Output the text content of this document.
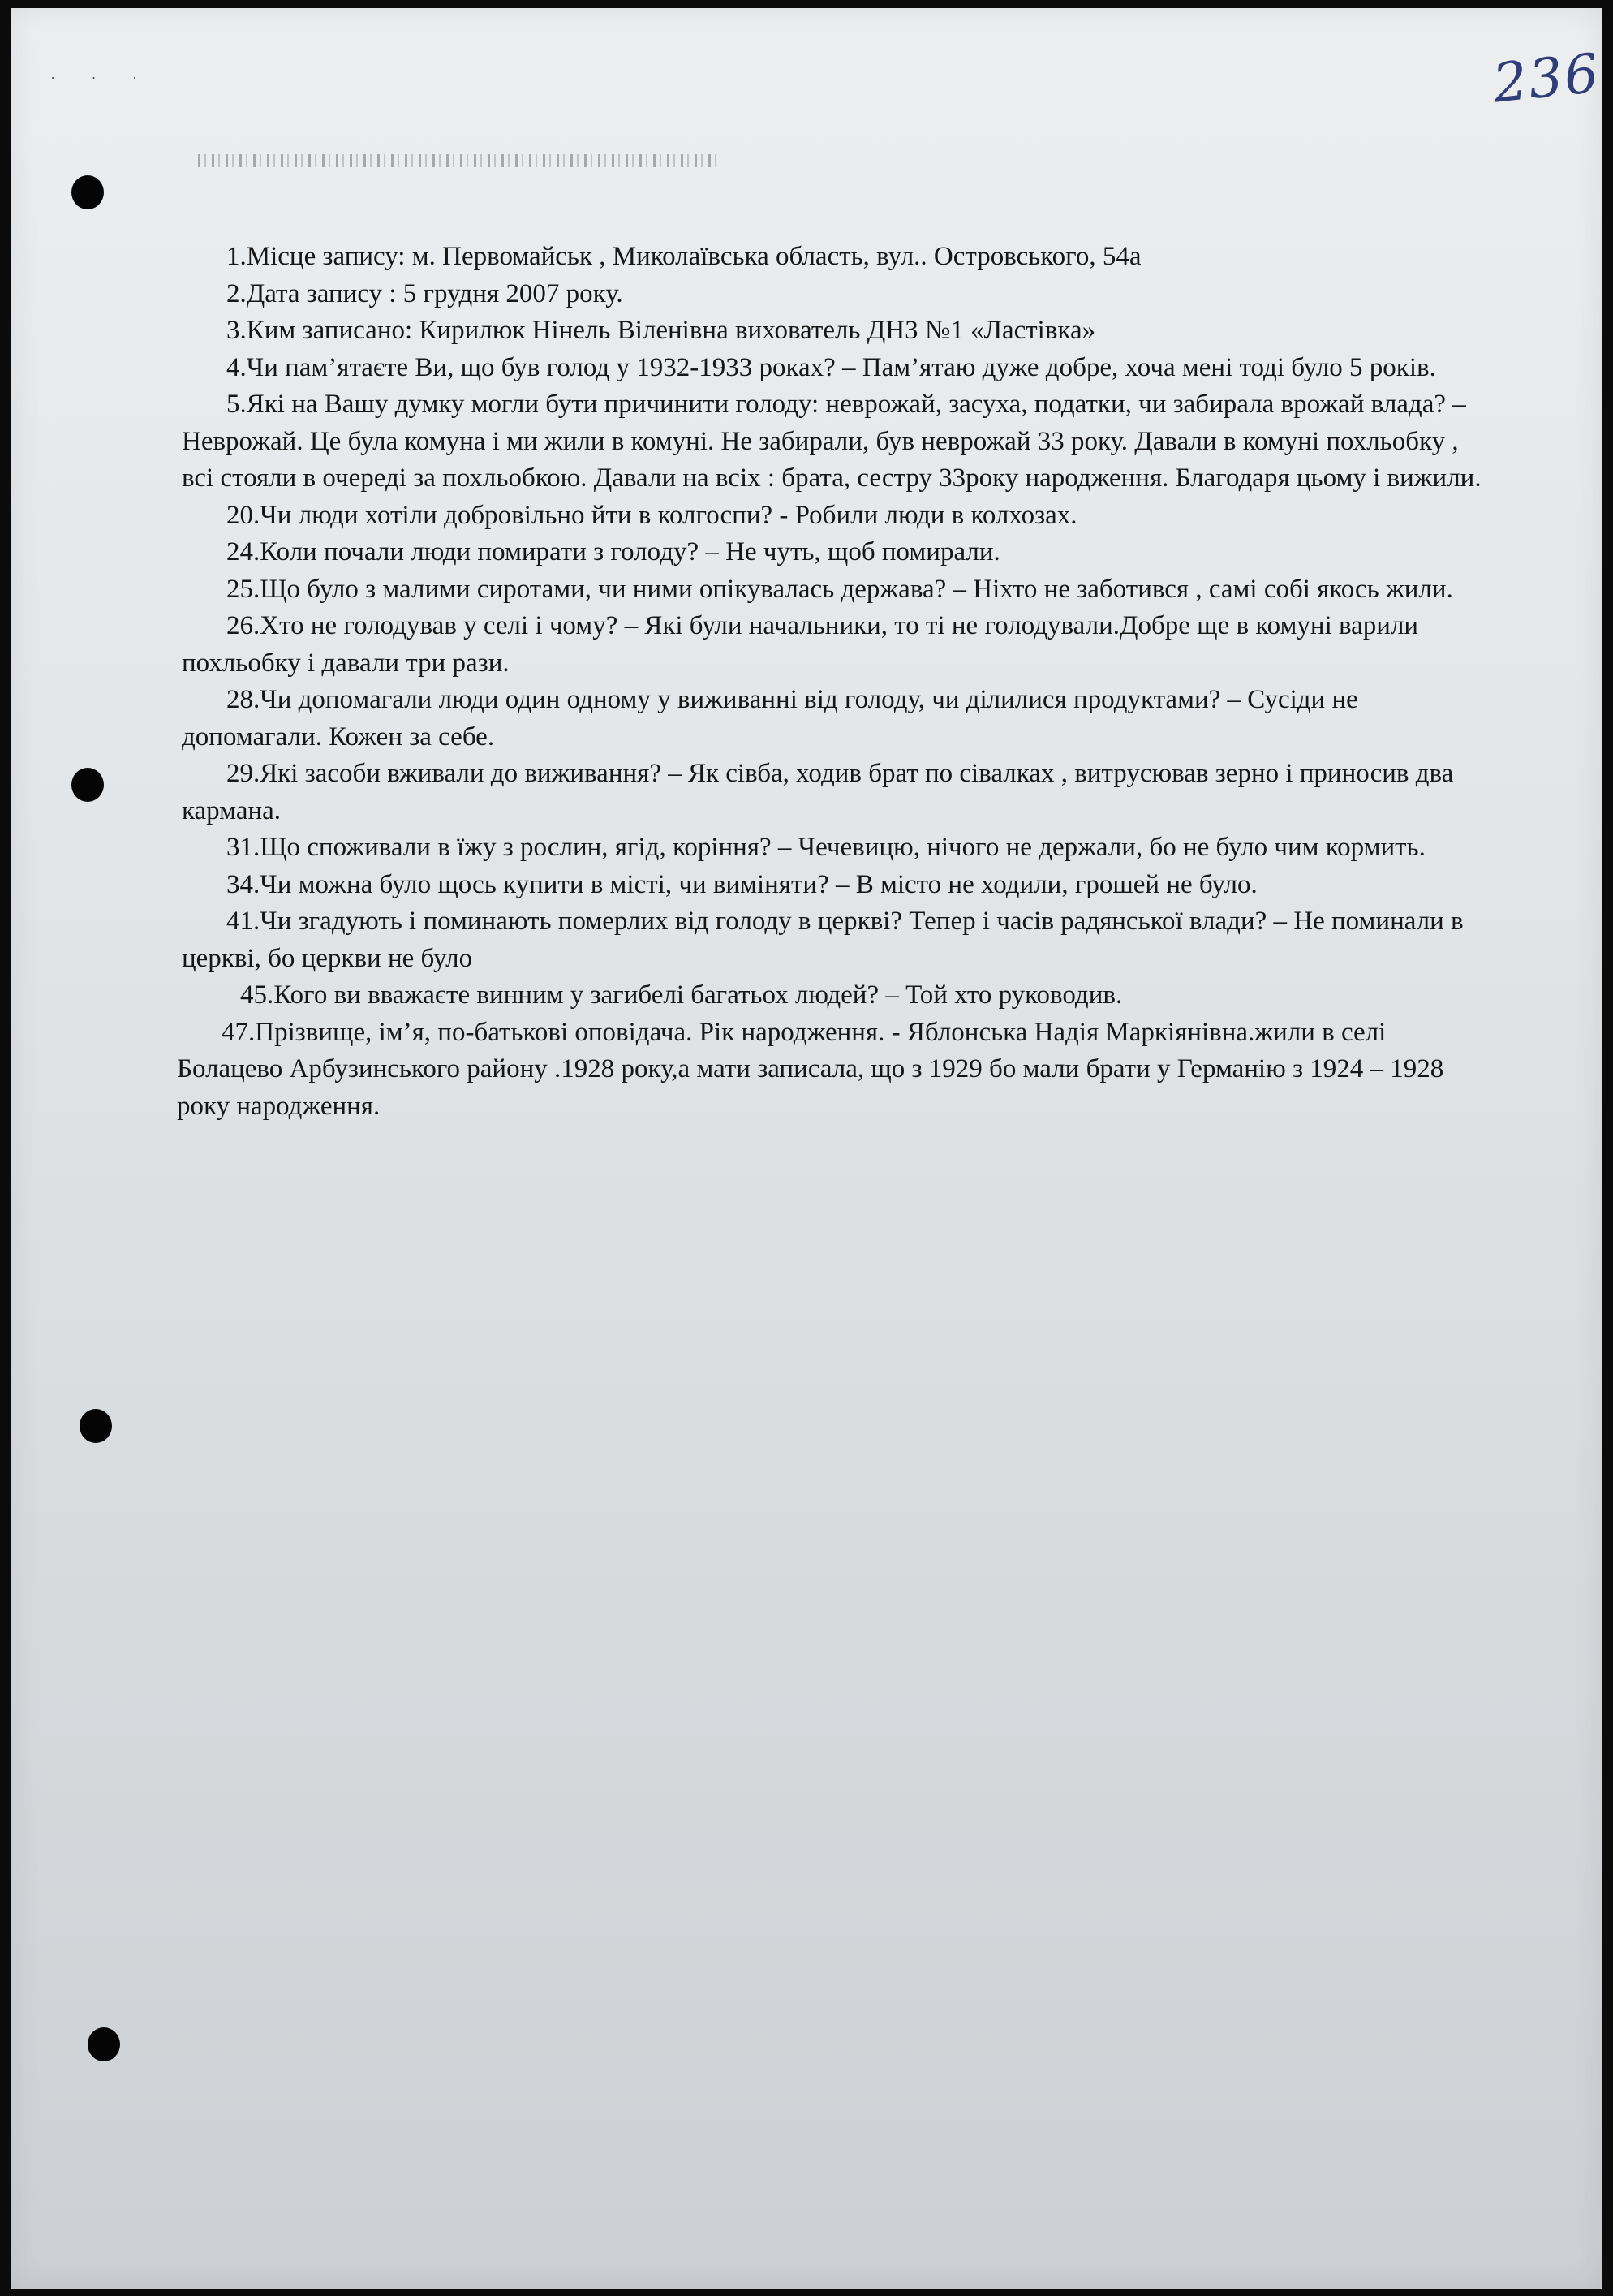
· · ·	236

1.Місце запису: м. Первомайськ , Миколаївська область, вул.. Островського, 54а

2.Дата запису : 5 грудня 2007 року.

3.Ким записано: Кирилюк Нінель Віленівна вихователь ДНЗ №1 «Ластівка»

4.Чи пам’ятаєте Ви, що був голод у 1932-1933 роках? – Пам’ятаю дуже добре, хоча мені тоді було 5 років.

5.Які на Вашу думку могли бути причинити голоду: неврожай, засуха, податки, чи забирала врожай влада? – Неврожай. Це була комуна і ми жили в комуні. Не забирали, був неврожай 33 року. Давали в комуні похльобку , всі стояли в очереді за похльобкою. Давали на всіх : брата, сестру 33року народження. Благодаря цьому і вижили.

20.Чи люди хотіли добровільно йти в колгоспи? - Робили люди в колхозах.

24.Коли почали люди помирати з голоду? – Не чуть, щоб помирали.

25.Що було з малими сиротами, чи ними опікувалась держава? – Ніхто не заботився , самі собі якось жили.

26.Хто не голодував у селі і чому? – Які були начальники, то ті не голодували.Добре ще в комуні варили похльобку і давали три рази.

28.Чи допомагали люди один одному у виживанні від голоду, чи ділилися продуктами? – Сусіди не допомагали. Кожен за себе.

29.Які засоби вживали до виживання? – Як сівба, ходив брат по сівалках , витрусював зерно і приносив два кармана.

31.Що споживали в їжу з рослин, ягід, коріння? – Чечевицю, нічого не держали, бо не було чим кормить.

34.Чи можна було щось купити в місті, чи виміняти? – В місто не ходили, грошей не було.

41.Чи згадують і поминають померлих від голоду в церкві? Тепер і часів радянської влади? – Не поминали в церкві, бо церкви не було

45.Кого ви вважаєте винним у загибелі багатьох людей? – Той хто руководив.

47.Прізвище, ім’я, по-батькові оповідача. Рік народження. - Яблонська Надія Маркіянівна.жили в селі Болацево Арбузинського району .1928 року,а мати записала, що з 1929 бо мали брати у Германію з 1924 – 1928 року народження.
